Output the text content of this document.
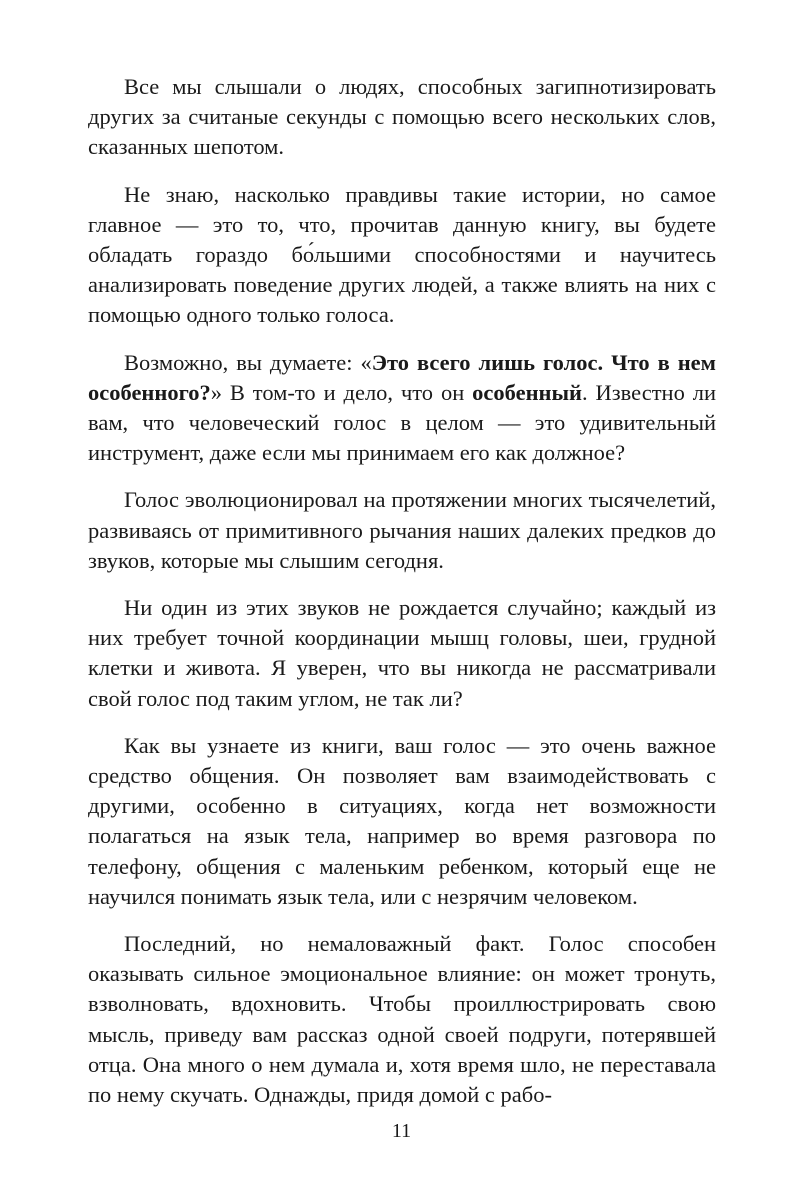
Все мы слышали о людях, способных загипнотизировать других за считаные секунды с помощью всего нескольких слов, сказанных шепотом.

Не знаю, насколько правдивы такие истории, но самое главное — это то, что, прочитав данную книгу, вы будете обладать гораздо бо́льшими способностями и научитесь анализировать поведение других людей, а также влиять на них с помощью одного только голоса.

Возможно, вы думаете: «Это всего лишь голос. Что в нем особенного?» В том-то и дело, что он особенный. Известно ли вам, что человеческий голос в целом — это удивительный инструмент, даже если мы принимаем его как должное?

Голос эволюционировал на протяжении многих тысячелетий, развиваясь от примитивного рычания наших далеких предков до звуков, которые мы слышим сегодня.

Ни один из этих звуков не рождается случайно; каждый из них требует точной координации мышц головы, шеи, грудной клетки и живота. Я уверен, что вы никогда не рассматривали свой голос под таким углом, не так ли?

Как вы узнаете из книги, ваш голос — это очень важное средство общения. Он позволяет вам взаимодействовать с другими, особенно в ситуациях, когда нет возможности полагаться на язык тела, например во время разговора по телефону, общения с маленьким ребенком, который еще не научился понимать язык тела, или с незрячим человеком.

Последний, но немаловажный факт. Голос способен оказывать сильное эмоциональное влияние: он может тронуть, взволновать, вдохновить. Чтобы проиллюстрировать свою мысль, приведу вам рассказ одной своей подруги, потерявшей отца. Она много о нем думала и, хотя время шло, не переставала по нему скучать. Однажды, придя домой с рабо-

11
